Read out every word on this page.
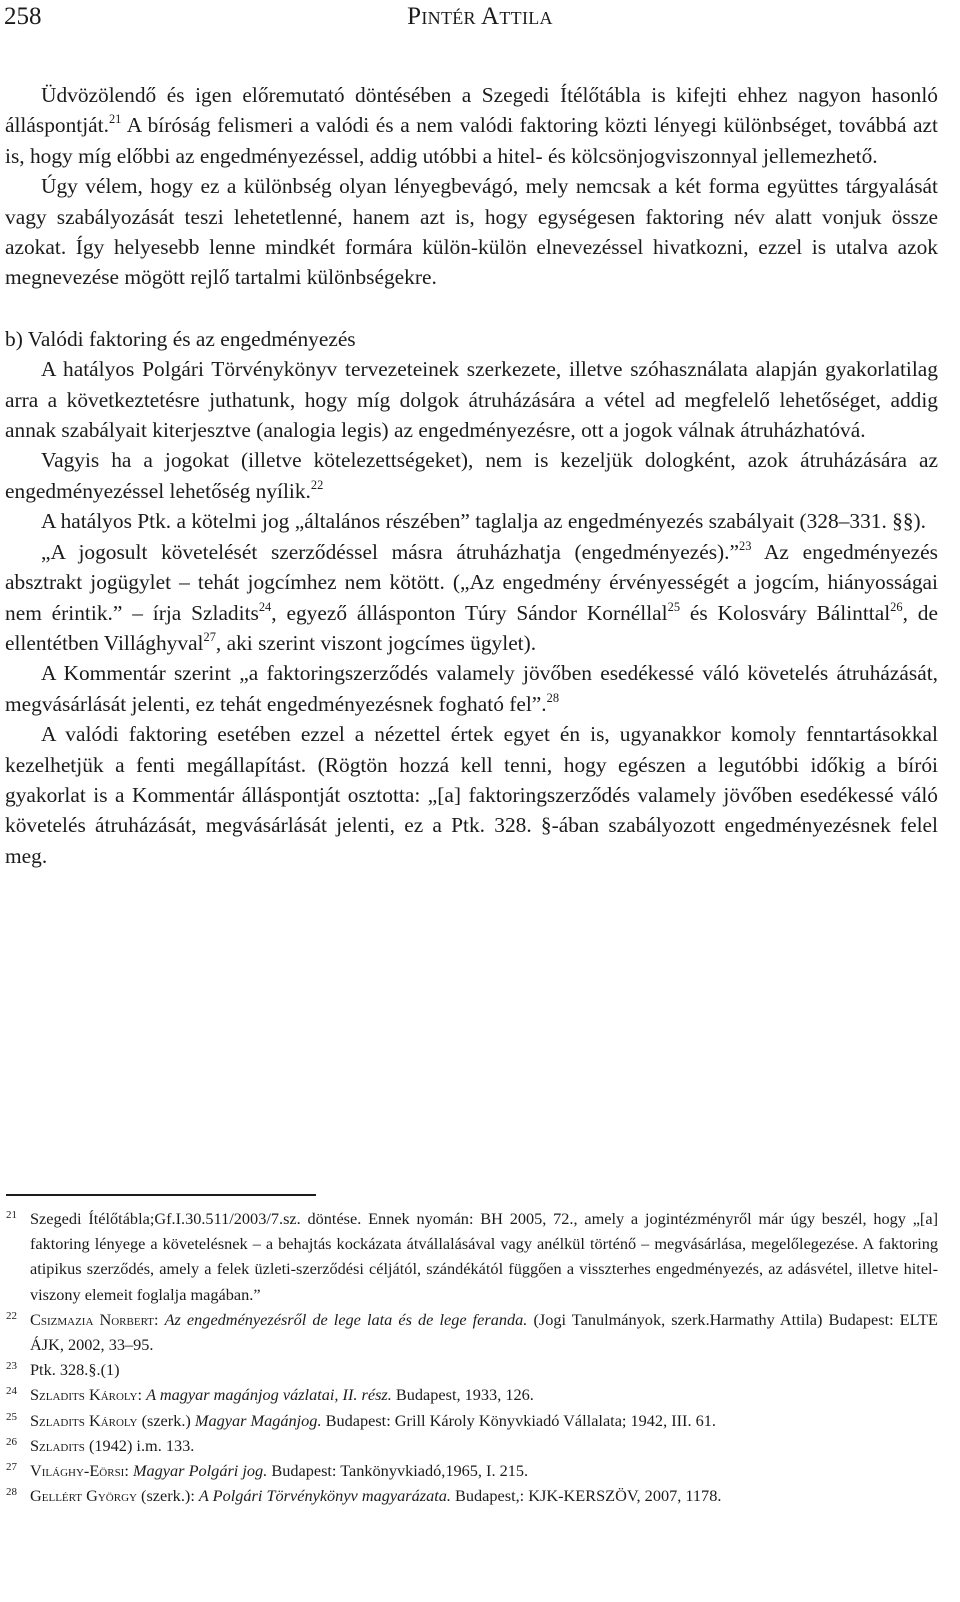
258	Pintér Attila

Üdvözölendő és igen előremutató döntésében a Szegedi Ítélőtábla is kifejti ehhez nagyon hasonló álláspontját.$^{21}$ A bíróság felismeri a valódi és a nem valódi faktoring közti lényegi különbséget, továbbá azt is, hogy míg előbbi az engedményezéssel, addig utóbbi a hitel- és kölcsönjogviszonnyal jellemezhető.

Úgy vélem, hogy ez a különbség olyan lényegbevágó, mely nemcsak a két forma együttes tárgyalását vagy szabályozását teszi lehetetlenné, hanem azt is, hogy egységesen faktoring név alatt vonjuk össze azokat. Így helyesebb lenne mindkét formára külön-külön elnevezéssel hivatkozni, ezzel is utalva azok megnevezése mögött rejlő tartalmi különbségekre.

b) Valódi faktoring és az engedményezés

A hatályos Polgári Törvénykönyv tervezeteinek szerkezete, illetve szóhasználata alapján gyakorlatilag arra a következtetésre juthatunk, hogy míg dolgok átruházására a vétel ad megfelelő lehetőséget, addig annak szabályait kiterjesztve (analogia legis) az engedményezésre, ott a jogok válnak átruházhatóvá.

Vagyis ha a jogokat (illetve kötelezettségeket), nem is kezeljük dologként, azok átruházására az engedményezéssel lehetőség nyílik.$^{22}$

A hatályos Ptk. a kötelmi jog „általános részében” taglalja az engedményezés szabályait (328–331. §§).

„A jogosult követelését szerződéssel másra átruházhatja (engedményezés).”$^{23}$ Az engedményezés absztrakt jogügylet – tehát jogcímhez nem kötött. („Az engedmény érvényességét a jogcím, hiányosságai nem érintik.” – írja Szladits$^{24}$, egyező állásponton Túry Sándor Kornéllal$^{25}$ és Kolosváry Bálinttal$^{26}$, de ellentétben Villághyval$^{27}$, aki szerint viszont jogcímes ügylet).

A Kommentár szerint „a faktoringszerződés valamely jövőben esedékessé váló követelés átruházását, megvásárlását jelenti, ez tehát engedményezésnek fogható fel”.$^{28}$

A valódi faktoring esetében ezzel a nézettel értek egyet én is, ugyanakkor komoly fenntartásokkal kezelhetjük a fenti megállapítást. (Rögtön hozzá kell tenni, hogy egészen a legutóbbi időkig a bírói gyakorlat is a Kommentár álláspontját osztotta: „[a] faktoringszerződés valamely jövőben esedékessé váló követelés átruházását, megvásárlását jelenti, ez a Ptk. 328. §-ában szabályozott engedményezésnek felel meg.

21 Szegedi Ítélőtábla;Gf.I.30.511/2003/7.sz. döntése. Ennek nyomán: BH 2005, 72., amely a jogintézményről már úgy beszél, hogy „[a] faktoring lényege a követelésnek – a behajtás kockázata átvállalásával vagy anélkül történő – megvásárlása, megelőlegezése. A faktoring atipikus szerződés, amely a felek üzleti-szerződési céljától, szándékától függően a visszterhes engedményezés, az adásvétel, illetve hitelviszony elemeit foglalja magában.”

22 Csizmazia Norbert: Az engedményezésről de lege lata és de lege feranda. (Jogi Tanulmányok, szerk.Harmathy Attila) Budapest: ELTE ÁJK, 2002, 33–95.

23 Ptk. 328.§.(1)

24 Szladits Károly: A magyar magánjog vázlatai, II. rész. Budapest, 1933, 126.

25 Szladits Károly (szerk.) Magyar Magánjog. Budapest: Grill Károly Könyvkiadó Vállalata; 1942, III. 61.

26 Szladits (1942) i.m. 133.

27 Világhy-Eörsi: Magyar Polgári jog. Budapest: Tankönyvkiadó,1965, I. 215.

28 Gellért György (szerk.): A Polgári Törvénykönyv magyarázata. Budapest,: KJK-KERSZÖV, 2007, 1178.
